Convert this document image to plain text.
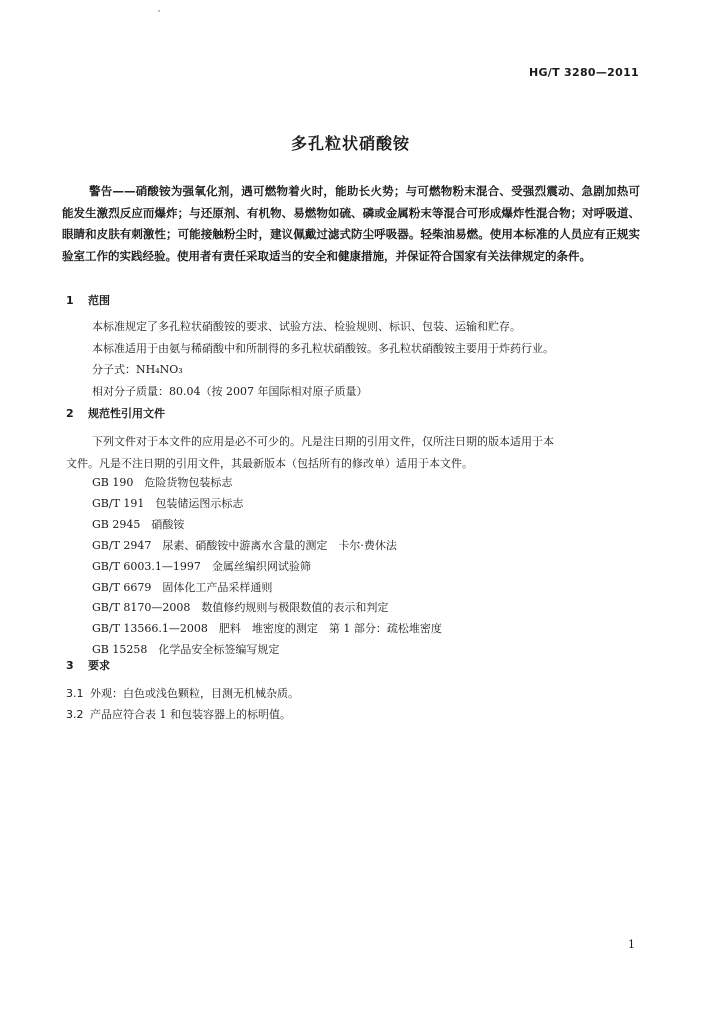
HG/T 3280—2011
多孔粒状硝酸铵

警告——硝酸铵为强氧化剂，遇可燃物着火时，能助长火势；与可燃物粉末混合、受强烈震动、急剧加热可能发生激烈反应而爆炸；与还原剂、有机物、易燃物如硫、磷或金属粉末等混合可形成爆炸性混合物；对呼吸道、眼睛和皮肤有刺激性；可能接触粉尘时，建议佩戴过滤式防尘呼吸器。轻柴油易燃。使用本标准的人员应有正规实验室工作的实践经验。使用者有责任采取适当的安全和健康措施，并保证符合国家有关法律规定的条件。

1 范围
本标准规定了多孔粒状硝酸铵的要求、试验方法、检验规则、标识、包装、运输和贮存。
本标准适用于由氨与稀硝酸中和所制得的多孔粒状硝酸铵。多孔粒状硝酸铵主要用于炸药行业。
分子式：NH₄NO₃
相对分子质量：80.04（按 2007 年国际相对原子质量）
2 规范性引用文件
下列文件对于本文件的应用是必不可少的。凡是注日期的引用文件，仅所注日期的版本适用于本
文件。凡是不注日期的引用文件，其最新版本（包括所有的修改单）适用于本文件。
GB 190　危险货物包装标志
GB/T 191　包装储运图示标志
GB 2945　硝酸铵
GB/T 2947　尿素、硝酸铵中游离水含量的测定　卡尔·费休法
GB/T 6003.1—1997　金属丝编织网试验筛
GB/T 6679　固体化工产品采样通则
GB/T 8170—2008　数值修约规则与极限数值的表示和判定
GB/T 13566.1—2008　肥料　堆密度的测定　第 1 部分：疏松堆密度
GB 15258　化学品安全标签编写规定
3 要求
3.1 外观：白色或浅色颗粒，目测无机械杂质。
3.2 产品应符合表 1 和包装容器上的标明值。
1
